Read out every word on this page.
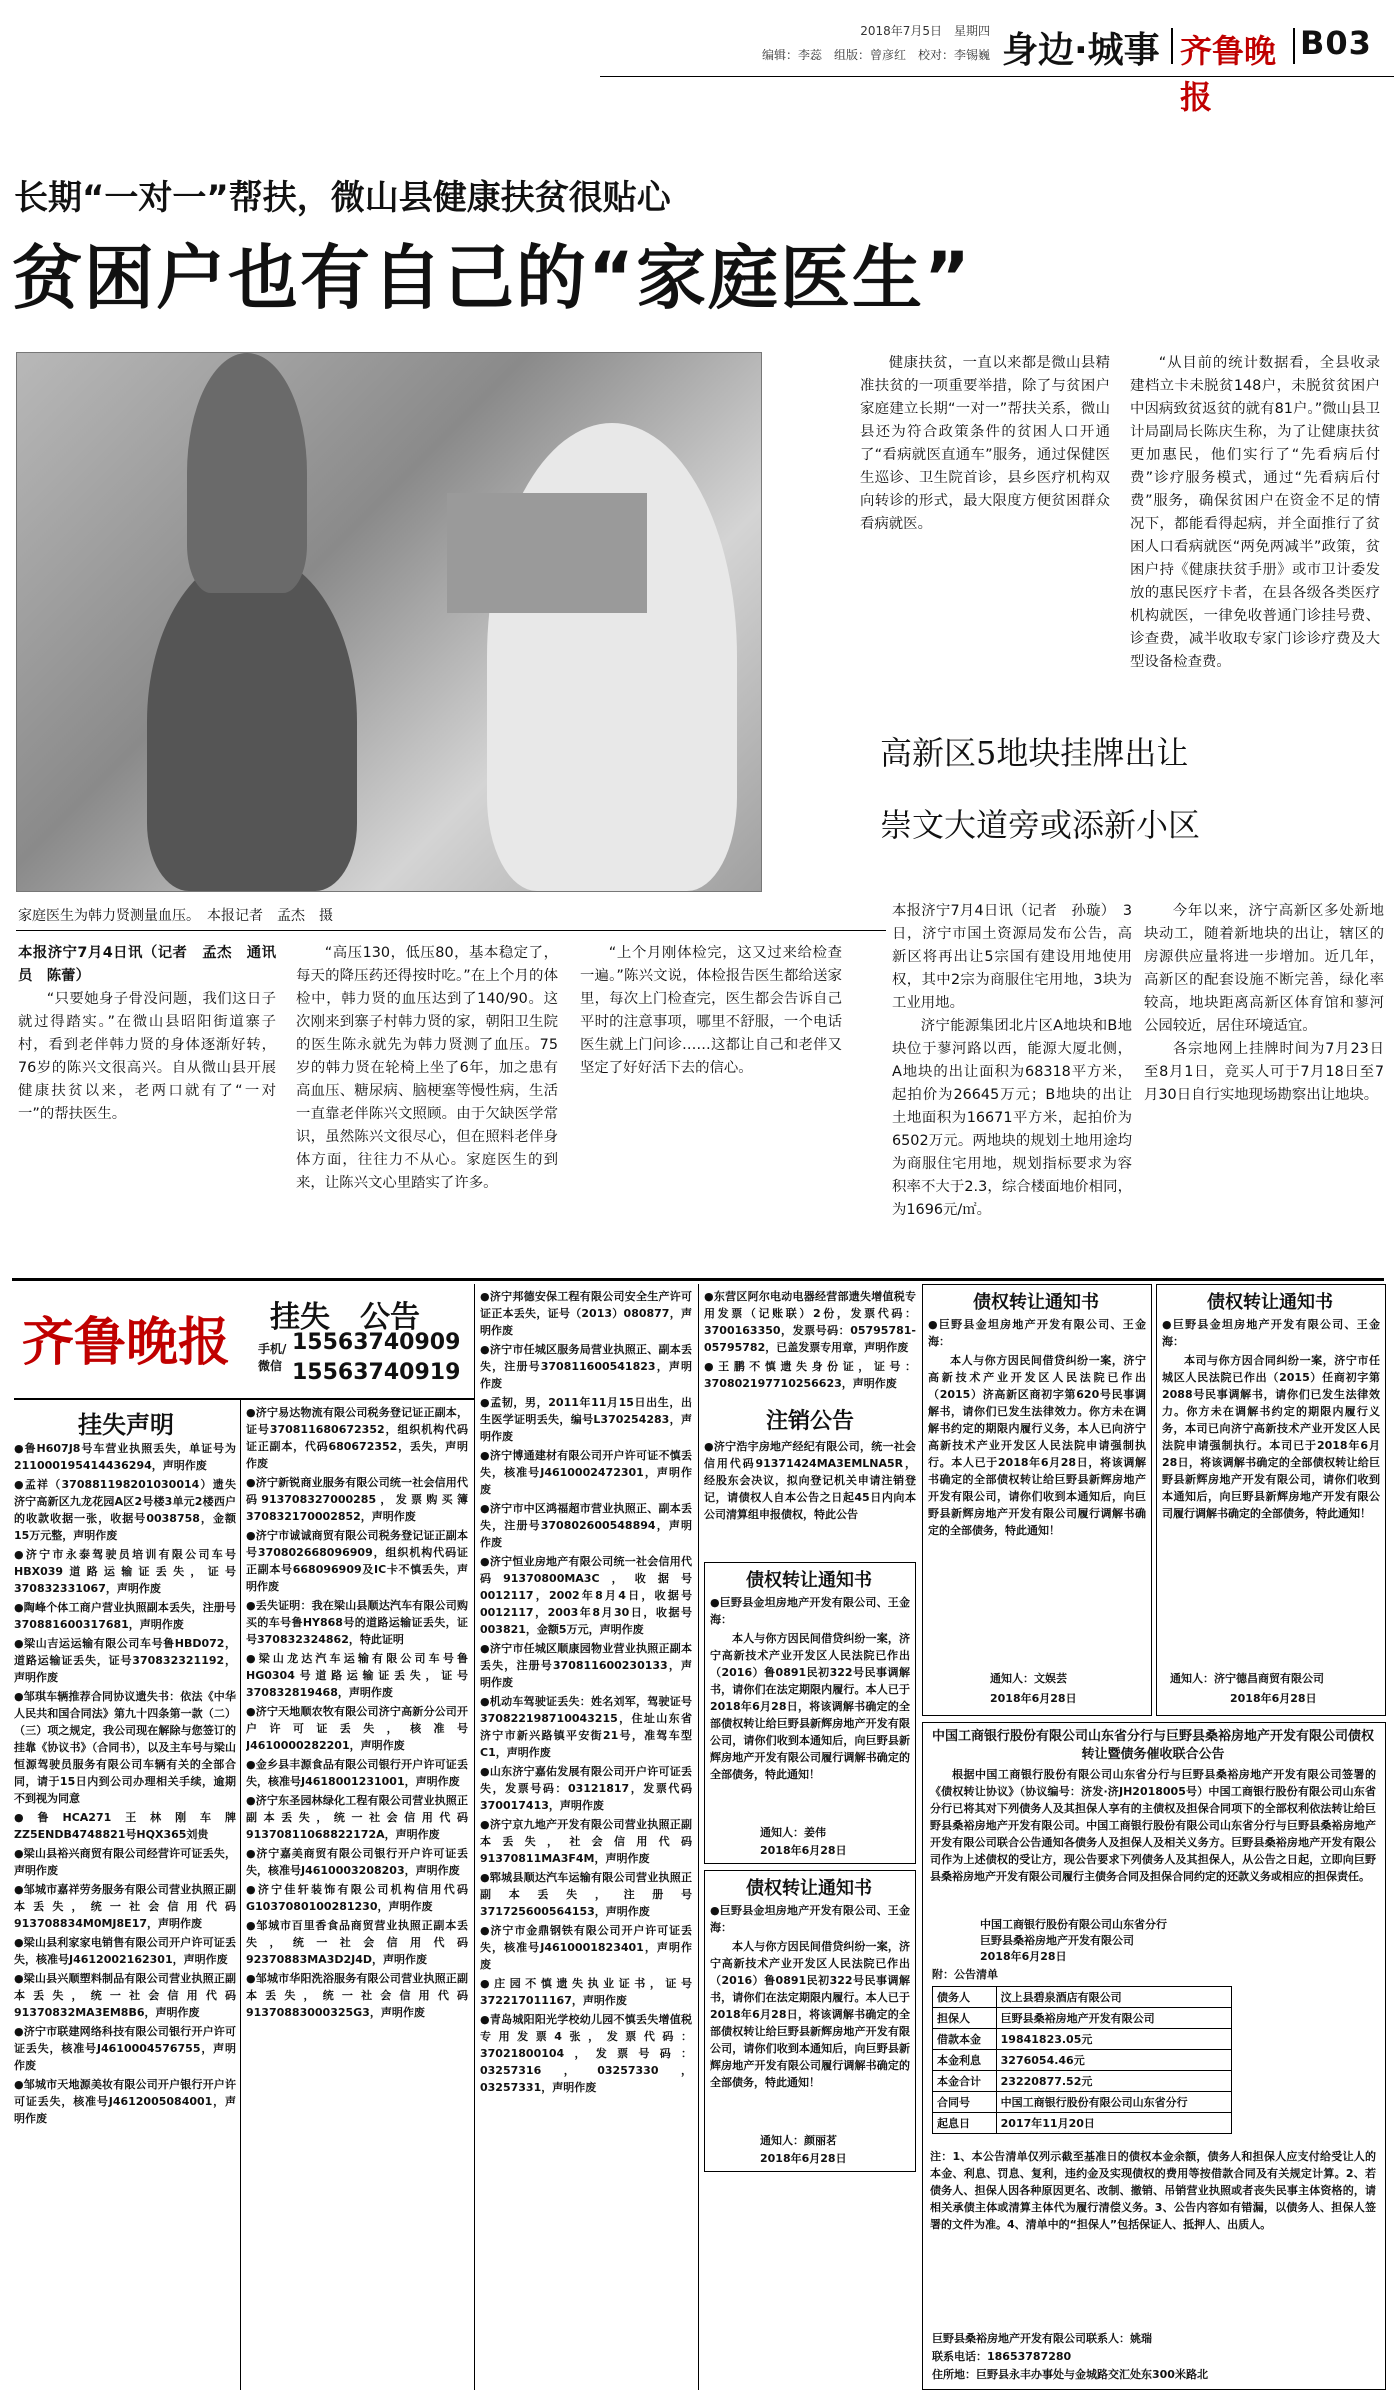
2018年7月5日　星期四
编辑：李蕊　组版：曾彦红　校对：李锡巍 身边·城事 齐鲁晚报
B03
长期“一对一”帮扶，微山县健康扶贫很贴心
贫困户也有自己的“家庭医生”
家庭医生为韩力贤测量血压。　本报记者　孟杰　摄

本报济宁7月4日讯（记者　孟杰　通讯员　陈蕾）

“只要她身子骨没问题，我们这日子就过得踏实。”在微山县昭阳街道寨子村，看到老伴韩力贤的身体逐渐好转，76岁的陈兴文很高兴。自从微山县开展健康扶贫以来，老两口就有了“一对一”的帮扶医生。

“高压130，低压80，基本稳定了，每天的降压药还得按时吃。”在上个月的体检中，韩力贤的血压达到了140/90。这次刚来到寨子村韩力贤的家，朝阳卫生院的医生陈永就先为韩力贤测了血压。75岁的韩力贤在轮椅上坐了6年，加之患有高血压、糖尿病、脑梗塞等慢性病，生活一直靠老伴陈兴文照顾。由于欠缺医学常识，虽然陈兴文很尽心，但在照料老伴身体方面，往往力不从心。家庭医生的到来，让陈兴文心里踏实了许多。

“上个月刚体检完，这又过来给检查一遍。”陈兴文说，体检报告医生都给送家里，每次上门检查完，医生都会告诉自己平时的注意事项，哪里不舒服，一个电话医生就上门问诊……这都让自己和老伴又坚定了好好活下去的信心。

健康扶贫，一直以来都是微山县精准扶贫的一项重要举措，除了与贫困户家庭建立长期“一对一”帮扶关系，微山县还为符合政策条件的贫困人口开通了“看病就医直通车”服务，通过保健医生巡诊、卫生院首诊，县乡医疗机构双向转诊的形式，最大限度方便贫困群众看病就医。

“从目前的统计数据看，全县收录建档立卡未脱贫148户，未脱贫贫困户中因病致贫返贫的就有81户。”微山县卫计局副局长陈庆生称，为了让健康扶贫更加惠民，他们实行了“先看病后付费”诊疗服务模式，通过“先看病后付费”服务，确保贫困户在资金不足的情况下，都能看得起病，并全面推行了贫困人口看病就医“两免两减半”政策，贫困户持《健康扶贫手册》或市卫计委发放的惠民医疗卡者，在县各级各类医疗机构就医，一律免收普通门诊挂号费、诊查费，减半收取专家门诊诊疗费及大型设备检查费。

高新区5地块挂牌出让
崇文大道旁或添新小区

本报济宁7月4日讯（记者　孙璇）　3日，济宁市国土资源局发布公告，高新区将再出让5宗国有建设用地使用权，其中2宗为商服住宅用地，3块为工业用地。

济宁能源集团北片区A地块和B地块位于蓼河路以西，能源大厦北侧，A地块的出让面积为68318平方米，起拍价为26645万元；B地块的出让土地面积为16671平方米，起拍价为6502万元。两地块的规划土地用途均为商服住宅用地，规划指标要求为容积率不大于2.3，综合楼面地价相同，为1696元/㎡。

今年以来，济宁高新区多处新地块动工，随着新地块的出让，辖区的房源供应量将进一步增加。近几年，高新区的配套设施不断完善，绿化率较高，地块距离高新区体育馆和蓼河公园较近，居住环境适宜。

各宗地网上挂牌时间为7月23日至8月1日，竞买人可于7月18日至7月30日自行实地现场勘察出让地块。

齐鲁晚报	挂失　公告
手机/微信
15563740909
15563740919
挂失声明
●鲁H607J8号车营业执照丢失，单证号为211000195414436294，声明作废
●孟祥（370881198201030014）遗失济宁高新区九龙花园A区2号楼3单元2楼西户的收款收据一张，收据号0038758，金额15万元整，声明作废
●济宁市永泰驾驶员培训有限公司车号HBX039道路运输证丢失，证号370832331067，声明作废
●陶峰个体工商户营业执照副本丢失，注册号370881600317681，声明作废
●梁山吉运运输有限公司车号鲁HBD072，道路运输证丢失，证号370832321192，声明作废
●邹琪车辆推荐合同协议遗失书：依法《中华人民共和国合同法》第九十四条第一款（二）（三）项之规定，我公司现在解除与您签订的挂靠《协议书》（合同书），以及主车号与梁山恒源驾驶员服务有限公司车辆有关的全部合同，请于15日内到公司办理相关手续，逾期不到视为同意
●鲁HCA271王林刚车牌ZZ5ENDB4748821号HQX365刘贵
●梁山县裕兴商贸有限公司经营许可证丢失，声明作废
●邹城市嘉祥劳务服务有限公司营业执照正副本丢失，统一社会信用代码913708834M0MJ8E17，声明作废
●梁山县利家家电销售有限公司开户许可证丢失，核准号J4612002162301，声明作废
●梁山县兴顺塑料制品有限公司营业执照正副本丢失，统一社会信用代码91370832MA3EM8B6，声明作废
●济宁市联建网络科技有限公司银行开户许可证丢失，核准号J4610004576755，声明作废
●邹城市天地源美妆有限公司开户银行开户许可证丢失，核准号J4612005084001，声明作废
●济宁易达物流有限公司税务登记证正副本，证号370811680672352，组织机构代码证正副本，代码680672352，丢失，声明作废
●济宁新锐商业服务有限公司统一社会信用代码913708327000285，发票购买簿370832170002852，声明作废
●济宁市诚诚商贸有限公司税务登记证正副本号370802668096909，组织机构代码证正副本号668096909及IC卡不慎丢失，声明作废
●丢失证明：我在梁山县顺达汽车有限公司购买的车号鲁HY868号的道路运输证丢失，证号370832324862，特此证明
●梁山龙达汽车运输有限公司车号鲁HG0304号道路运输证丢失，证号370832819468，声明作废
●济宁天地顺农牧有限公司济宁高新分公司开户许可证丢失，核准号J4610000282201，声明作废
●金乡县丰源食品有限公司银行开户许可证丢失，核准号J4618001231001，声明作废
●济宁东圣园林绿化工程有限公司营业执照正副本丢失，统一社会信用代码91370811068822172A，声明作废
●济宁嘉美商贸有限公司银行开户许可证丢失，核准号J4610003208203，声明作废
●济宁佳轩装饰有限公司机构信用代码G1037080100281230，声明作废
●邹城市百里香食品商贸营业执照正副本丢失，统一社会信用代码92370883MA3D2J4D，声明作废
●邹城市华阳洗浴服务有限公司营业执照正副本丢失，统一社会信用代码91370883000325G3，声明作废
●济宁邦德安保工程有限公司安全生产许可证正本丢失，证号（2013）080877，声明作废
●济宁市任城区服务局营业执照正、副本丢失，注册号370811600541823，声明作废
●孟韧，男，2011年11月15日出生，出生医学证明丢失，编号L370254283，声明作废
●济宁博通建材有限公司开户许可证不慎丢失，核准号J4610002472301，声明作废
●济宁市中区鸿福超市营业执照正、副本丢失，注册号370802600548894，声明作废
●济宁恒业房地产有限公司统一社会信用代码91370800MA3C，收据号0012117，2002年8月4日，收据号0012117，2003年8月30日，收据号003821，金额5万元，声明作废
●济宁市任城区顺康园物业营业执照正副本丢失，注册号370811600230133，声明作废
●机动车驾驶证丢失：姓名刘军，驾驶证号370822198710043215，住址山东省济宁市新兴路镇平安街21号，准驾车型C1，声明作废
●山东济宁嘉佑发展有限公司开户许可证丢失，发票号码：03121817，发票代码370017413，声明作废
●济宁京九地产开发有限公司营业执照正副本丢失，社会信用代码91370811MA3F4M，声明作废
●郓城县顺达汽车运输有限公司营业执照正副本丢失，注册号371725600564153，声明作废
●济宁市金鼎钢铁有限公司开户许可证丢失，核准号J4610001823401，声明作废
●庄园不慎遗失执业证书，证号372217011167，声明作废
●青岛城阳阳光学校幼儿园不慎丢失增值税专用发票4张，发票代码：37021800104，发票号码：03257316，03257330，03257331，声明作废
●东营区阿尔电动电器经营部遗失增值税专用发票（记账联）2份，发票代码：3700163350，发票号码：05795781-05795782，已盖发票专用章，声明作废
●王鹏不慎遗失身份证，证号：370802197710256623，声明作废
注销公告
●济宁浩宇房地产经纪有限公司，统一社会信用代码91371424MA3EMLNA5R，经股东会决议，拟向登记机关申请注销登记，请债权人自本公告之日起45日内向本公司清算组申报债权，特此公告
债权转让通知书
●巨野县金坦房地产开发有限公司、王金海：
本人与你方因民间借贷纠纷一案，济宁高新技术产业开发区人民法院已作出（2016）鲁0891民初322号民事调解书，请你们在法定期限内履行。本人已于2018年6月28日，将该调解书确定的全部债权转让给巨野县新辉房地产开发有限公司，请你们收到本通知后，向巨野县新辉房地产开发有限公司履行调解书确定的全部债务，特此通知！
通知人：姜伟
2018年6月28日
债权转让通知书
●巨野县金坦房地产开发有限公司、王金海：
本人与你方因民间借贷纠纷一案，济宁高新技术产业开发区人民法院已作出（2016）鲁0891民初322号民事调解书，请你们在法定期限内履行。本人已于2018年6月28日，将该调解书确定的全部债权转让给巨野县新辉房地产开发有限公司，请你们收到本通知后，向巨野县新辉房地产开发有限公司履行调解书确定的全部债务，特此通知！
通知人：颜丽茗
2018年6月28日
债权转让通知书
●巨野县金坦房地产开发有限公司、王金海：
本人与你方因民间借贷纠纷一案，济宁高新技术产业开发区人民法院已作出（2015）济高新区商初字第620号民事调解书，请你们已发生法律效力。你方未在调解书约定的期限内履行义务，本人已向济宁高新技术产业开发区人民法院申请强制执行。本人已于2018年6月28日，将该调解书确定的全部债权转让给巨野县新辉房地产开发有限公司，请你们收到本通知后，向巨野县新辉房地产开发有限公司履行调解书确定的全部债务，特此通知！
通知人：文娱芸
2018年6月28日
债权转让通知书
●巨野县金坦房地产开发有限公司、王金海：
本司与你方因合同纠纷一案，济宁市任城区人民法院已作出（2015）任商初字第2088号民事调解书，请你们已发生法律效力。你方未在调解书约定的期限内履行义务，本司已向济宁高新技术产业开发区人民法院申请强制执行。本司已于2018年6月28日，将该调解书确定的全部债权转让给巨野县新辉房地产开发有限公司，请你们收到本通知后，向巨野县新辉房地产开发有限公司履行调解书确定的全部债务，特此通知！
通知人：济宁德昌商贸有限公司
2018年6月28日
中国工商银行股份有限公司山东省分行与巨野县桑裕房地产开发有限公司债权转让暨债务催收联合公告
根据中国工商银行股份有限公司山东省分行与巨野县桑裕房地产开发有限公司签署的《债权转让协议》（协议编号：济发·济JH2018005号）中国工商银行股份有限公司山东省分行已将其对下列债务人及其担保人享有的主债权及担保合同项下的全部权利依法转让给巨野县桑裕房地产开发有限公司。中国工商银行股份有限公司山东省分行与巨野县桑裕房地产开发有限公司联合公告通知各债务人及担保人及相关义务方。巨野县桑裕房地产开发有限公司作为上述债权的受让方，现公告要求下列债务人及其担保人，从公告之日起，立即向巨野县桑裕房地产开发有限公司履行主债务合同及担保合同约定的还款义务或相应的担保责任。
中国工商银行股份有限公司山东省分行
巨野县桑裕房地产开发有限公司
2018年6月28日
附：公告清单
债务人	汶上县碧泉酒店有限公司
担保人	巨野县桑裕房地产开发有限公司
借款本金	19841823.05元
本金利息	3276054.46元
本金合计	23220877.52元
合同号	中国工商银行股份有限公司山东省分行
起息日	2017年11月20日
注：1、本公告清单仅列示截至基准日的债权本金余额，债务人和担保人应支付给受让人的本金、利息、罚息、复利，违约金及实现债权的费用等按借款合同及有关规定计算。2、若债务人、担保人因各种原因更名、改制、撤销、吊销营业执照或者丧失民事主体资格的，请相关承债主体或清算主体代为履行清偿义务。3、公告内容如有错漏，以债务人、担保人签署的文件为准。4、清单中的“担保人”包括保证人、抵押人、出质人。
巨野县桑裕房地产开发有限公司联系人：姚瑞
联系电话：18653787280
住所地：巨野县永丰办事处与金城路交汇处东300米路北
